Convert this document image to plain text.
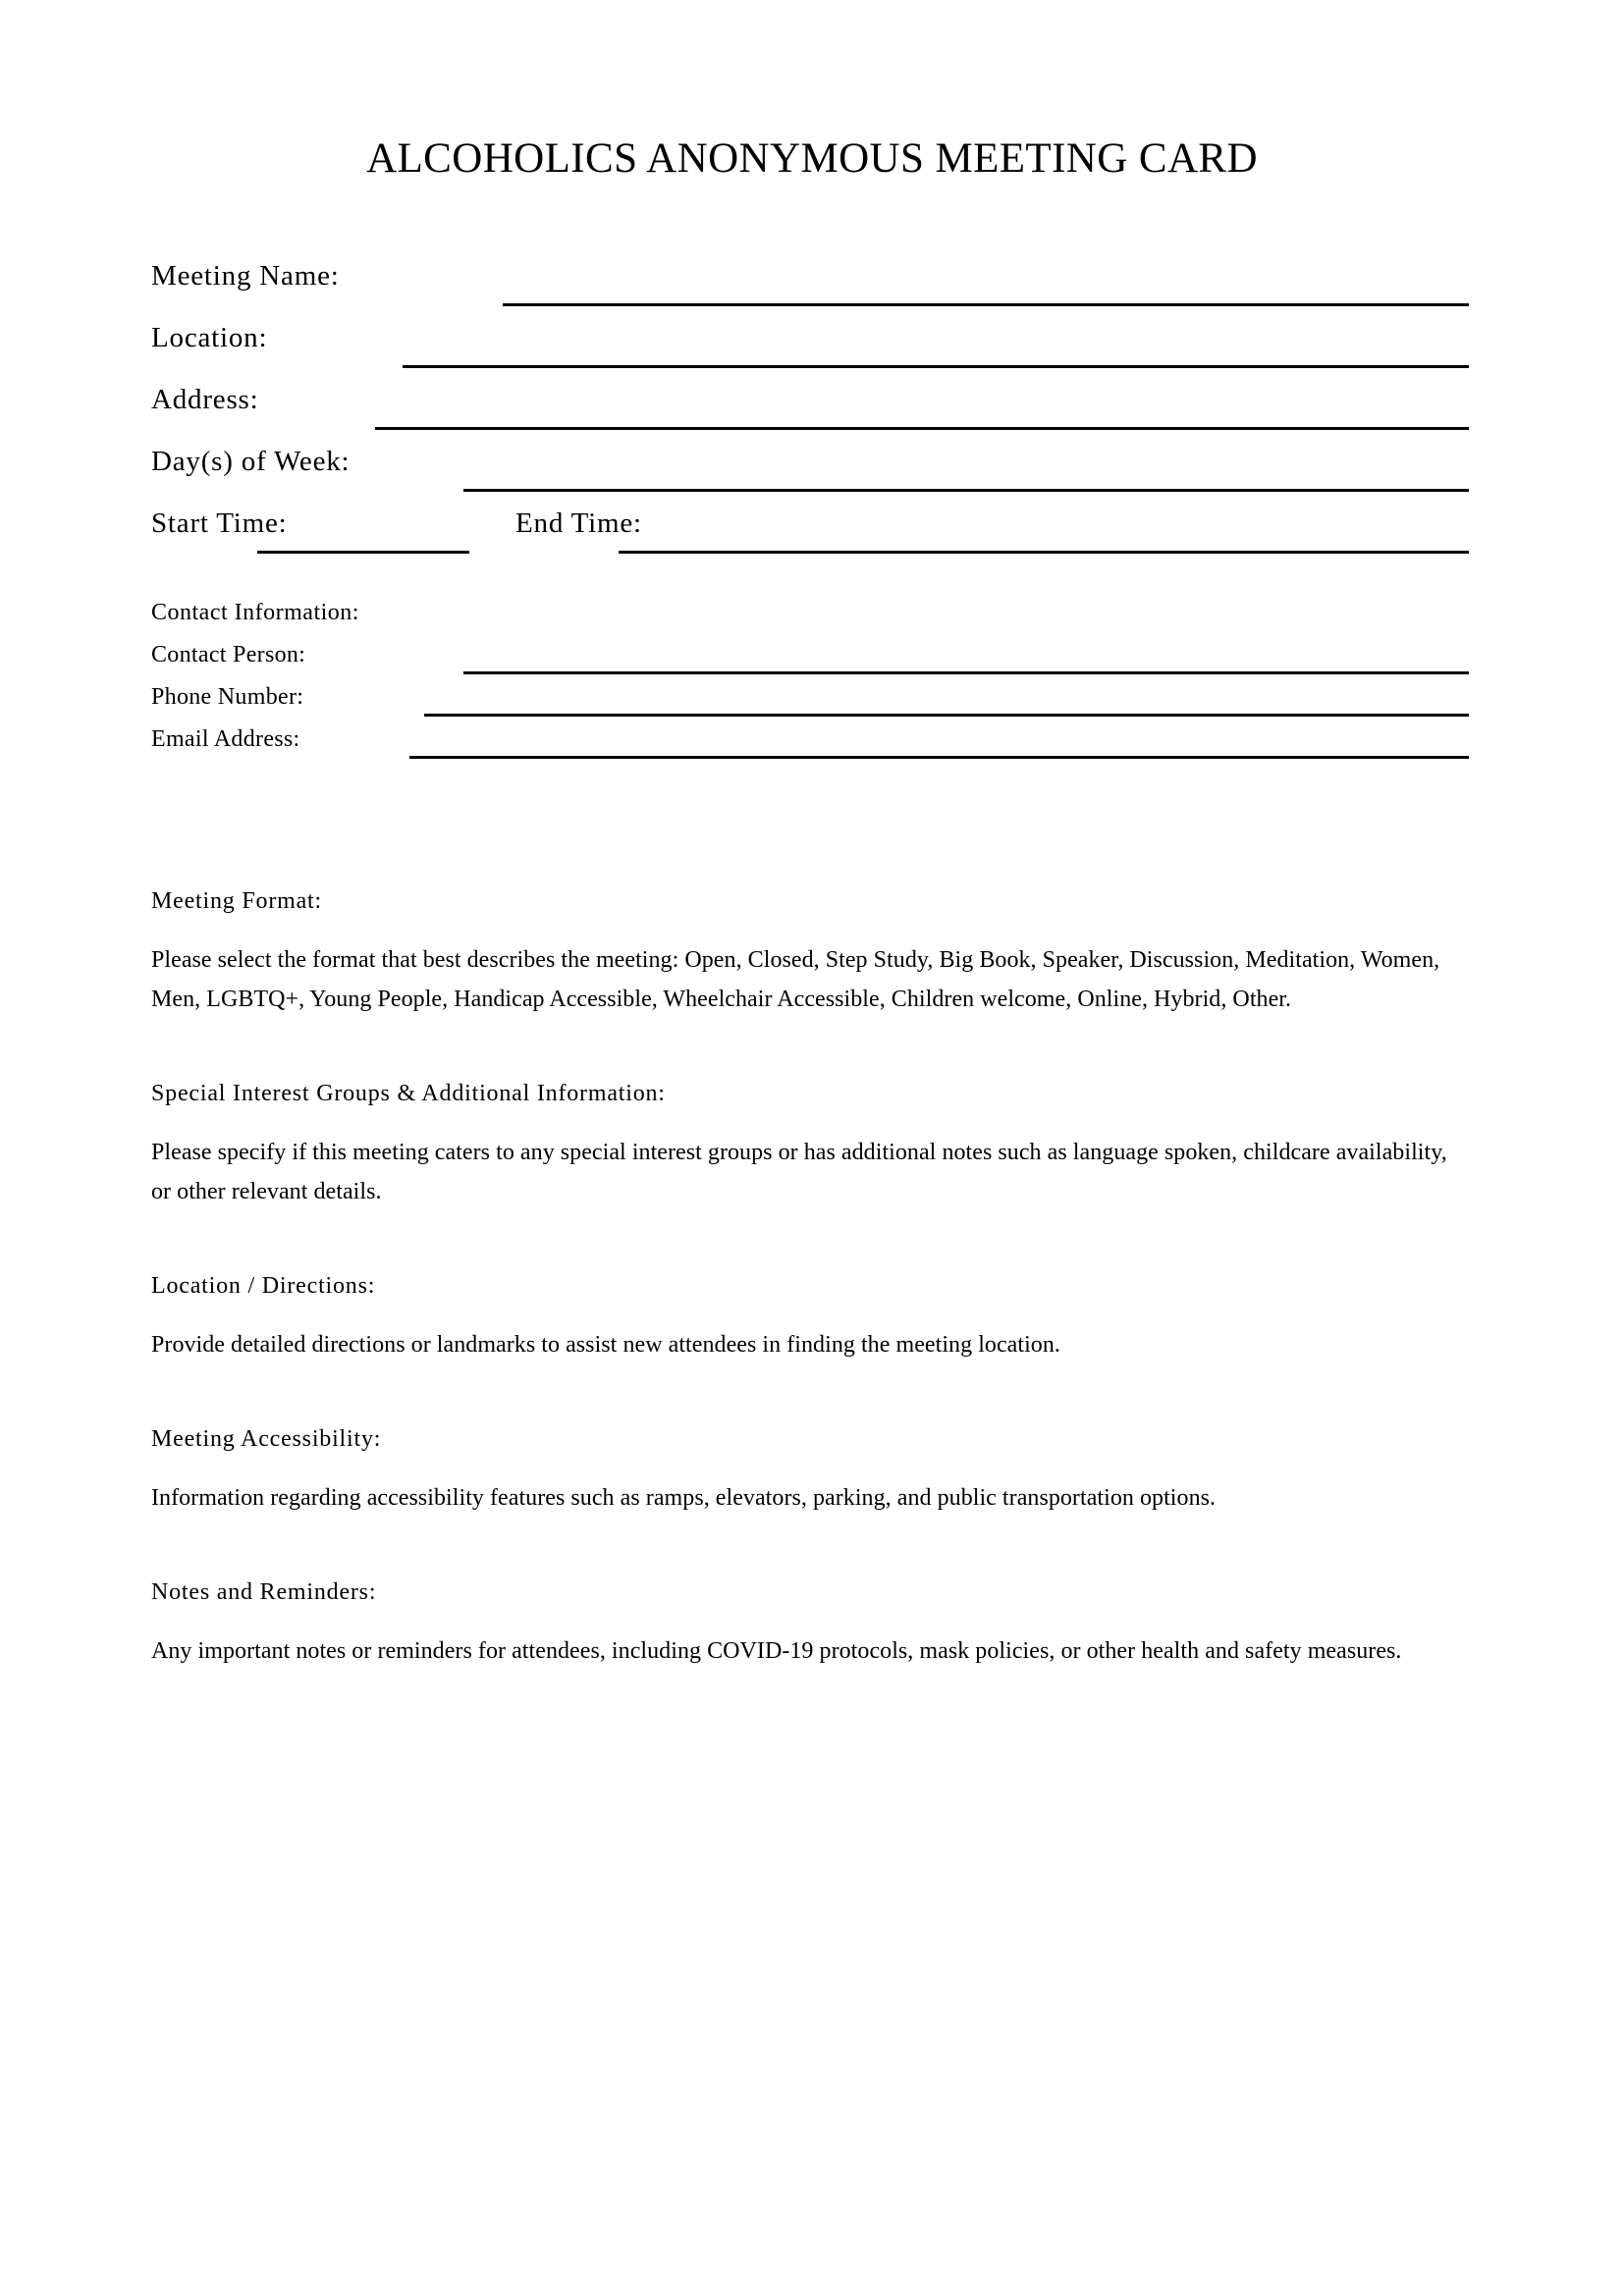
ALCOHOLICS ANONYMOUS MEETING CARD
Meeting Name:
Location:
Address:
Day(s) of Week:
Start Time:	End Time:
Contact Information:
Contact Person:
Phone Number:
Email Address:
Meeting Format:

Please select the format that best describes the meeting: Open, Closed, Step Study, Big Book, Speaker, Discussion, Meditation, Women, Men, LGBTQ+, Young People, Handicap Accessible, Wheelchair Accessible, Children welcome, Online, Hybrid, Other.

Special Interest Groups & Additional Information:

Please specify if this meeting caters to any special interest groups or has additional notes such as language spoken, childcare availability, or other relevant details.

Location / Directions:

Provide detailed directions or landmarks to assist new attendees in finding the meeting location.

Meeting Accessibility:

Information regarding accessibility features such as ramps, elevators, parking, and public transportation options.

Notes and Reminders:

Any important notes or reminders for attendees, including COVID-19 protocols, mask policies, or other health and safety measures.
